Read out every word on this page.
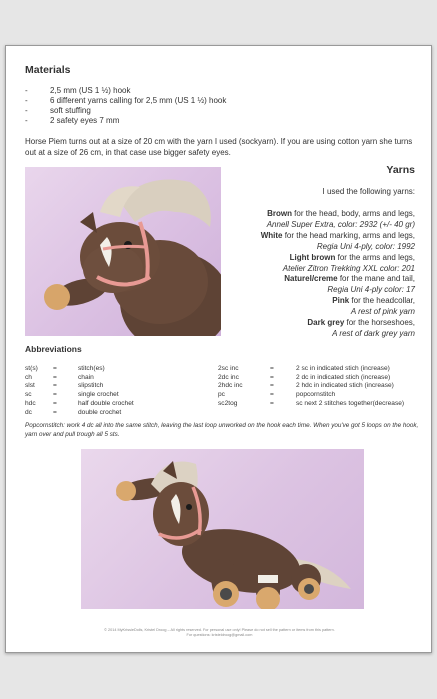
Materials
-	2,5 mm (US 1 ½) hook
-	6 different yarns calling for 2,5 mm (US 1 ½) hook
-	soft stuffing
-	2 safety eyes 7 mm

Horse Piem turns out at a size of 20 cm with the yarn I used (sockyarn). If you are using cotton yarn she turns out at a size of 26 cm, in that case use bigger safety eyes.

Yarns
I used the following yarns:
Brown for the head, body, arms and legs,
Annell Super Extra, color: 2932 (+/- 40 gr)
White for the head marking, arms and legs,
Regia Uni 4-ply, color: 1992
Light brown for the arms and legs,
Atelier Zitron Trekking XXL color: 201
Naturel/creme for the mane and tail,
Regia Uni 4-ply color: 17
Pink for the headcollar,
A rest of pink yarn
Dark grey for the horseshoes,
A rest of dark grey yarn
Abbreviations
st(s)	=	stitch(es)
ch	=	chain
slst	=	slipstitch
sc	=	single crochet
hdc	=	half double crochet
dc	=	double crochet
2sc inc	=	2 sc in indicated stich (increase)
2dc inc	=	2 dc in indicated stich (increase)
2hdc inc	=	2 hdc in indicated stich (increase)
pc	=	popcornstitch
sc2tog	=	sc next 2 stitches together(decrease)

Popcornstitch: work 4 dc all into the same stitch, leaving the last loop unworked on the hook each time. When you've got 5 loops on the hook, yarn over and pull trough all 5 sts.

© 2014 MyKrissieDolls, Kristel Droog – All rights reserved. For personal use only! Please do not sell the pattern or items from this pattern.
For questions: kristeldroog@gmail.com
